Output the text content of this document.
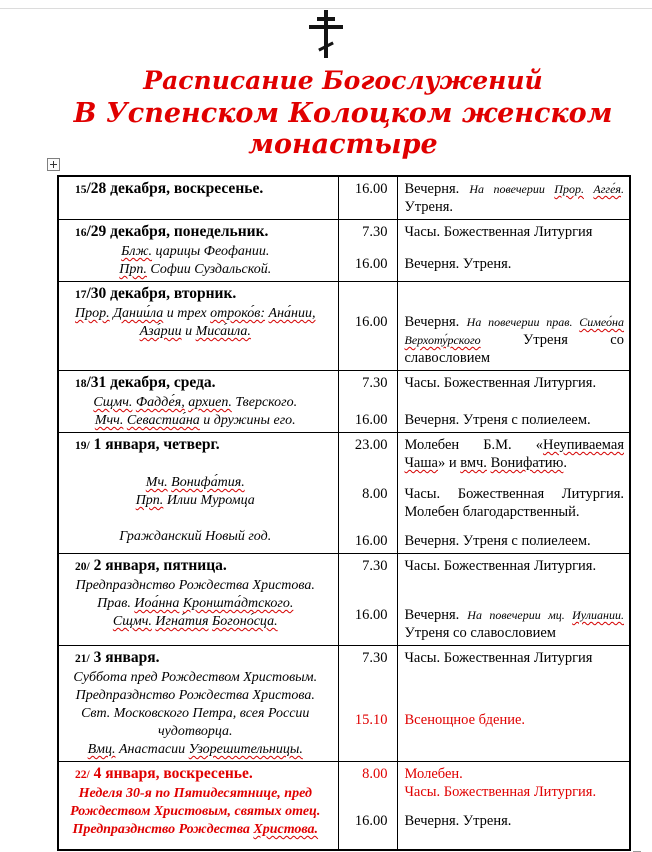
Расписание Богослужений
В Успенском Колоцком женском монастыре
15/28 декабря, воскресенье.	16.00 Вечерня. На повечерии Прор. Агге́я. Утреня.

16/29 декабря, понедельник.
Блж. царицы Феофании.
Прп. Софии Суздальской.

7.30	Часы. Божественная Литургия
16.00	Вечерня. Утреня.

17/30 декабря, вторник.
Прор. Дании́ла и трех отроко́в: Ана́нии, Аза́рии и Миса́ила.

16.00	Вечерня. На повечерии прав. Симео́на Верхоту́рского Утреня со славословием

18/31 декабря, среда.
Сщмч. Фадде́я, архиеп. Тверского.
Мчч. Севастиа́на и дружины его.

7.30	Часы. Божественная Литургия.
16.00	Вечерня. Утреня с полиелеем.

19/ 1 января, четверг.

Мч. Вонифа́тия.
Прп. Илии Муромца

Гражданский Новый год.

23.00	Молебен Б.М. «Неупиваемая Чаша» и вмч. Вонифатию.
8.00	Часы. Божественная Литургия. Молебен благодарственный.
16.00	Вечерня. Утреня с полиелеем.

20/ 2 января, пятница.
Предпразднство Рождества Христова.
Прав. Иоа́нна Кроншта́дтского.
Сщмч. Игна́тия Богоно́сца.

7.30	Часы. Божественная Литургия.
16.00	Вечерня. На повечерии мц. Иулиании. Утреня со славословием

21/ 3 января.
Суббота пред Рождеством Христовым.
Предпразднство Рождества Христова.
Свт. Московского Петра, всея России чудотворца.
Вмц. Анастасии Узорешительницы.

7.30	Часы. Божественная Литургия
15.10	Всенощное бдение.

22/ 4 января, воскресенье.
Неделя 30-я по Пятидесятнице, пред Рождеством Христовым, святых отец. Предпразднство Рождества Христова.

8.00	Молебен.
Часы. Божественная Литургия.
16.00	Вечерня. Утреня.
